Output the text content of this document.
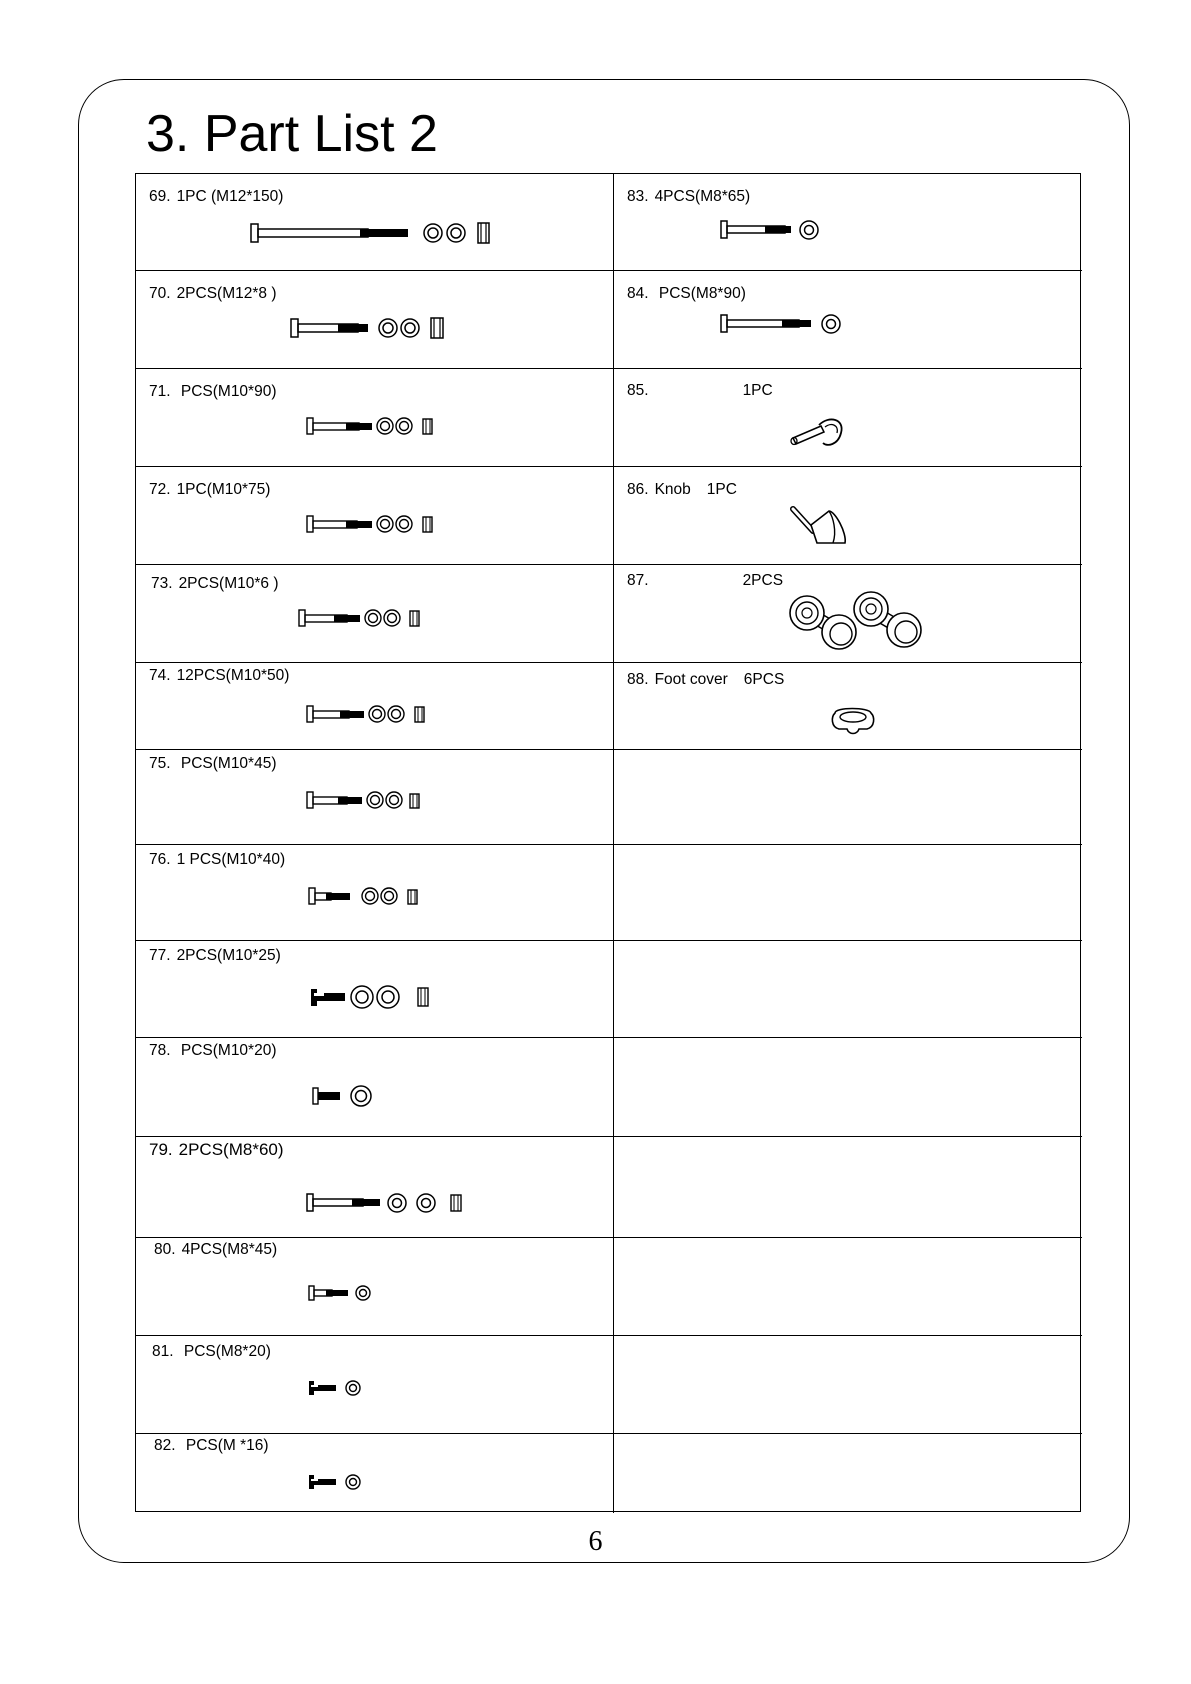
3. Part List 2
69. 1PC (M12*150)	83. 4PCS(M8*65)
70. 2PCS(M12*8 )	84. PCS(M8*90)
71. PCS(M10*90)	85.	1PC
72. 1PC(M10*75)	86. Knob 1PC
73. 2PCS(M10*6 )	87.	2PCS
74. 12PCS(M10*50)	88. Foot cover 6PCS
75. PCS(M10*45)
76. 1 PCS(M10*40)
77. 2PCS(M10*25)
78. PCS(M10*20)
79. 2PCS(M8*60)
80. 4PCS(M8*45)
81. PCS(M8*20)
82. PCS(M *16)
6
